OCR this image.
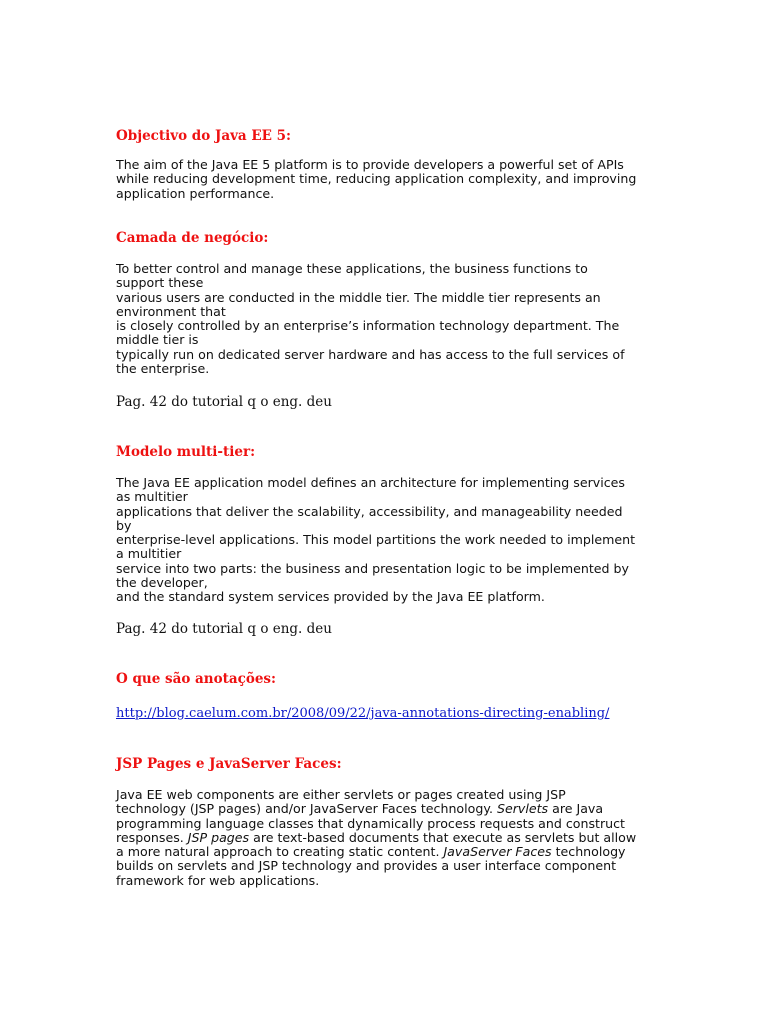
Objectivo do Java EE 5:
The aim of the Java EE 5 platform is to provide developers a powerful set of APIs
while reducing development time, reducing application complexity, and improving
application performance.
Camada de negócio:
To better control and manage these applications, the business functions to
support these
various users are conducted in the middle tier. The middle tier represents an
environment that
is closely controlled by an enterprise’s information technology department. The
middle tier is
typically run on dedicated server hardware and has access to the full services of
the enterprise.
Pag. 42 do tutorial q o eng. deu
Modelo multi-tier:
The Java EE application model defines an architecture for implementing services
as multitier
applications that deliver the scalability, accessibility, and manageability needed
by
enterprise-level applications. This model partitions the work needed to implement
a multitier
service into two parts: the business and presentation logic to be implemented by
the developer,
and the standard system services provided by the Java EE platform.
Pag. 42 do tutorial q o eng. deu
O que são anotações:
http://blog.caelum.com.br/2008/09/22/java-annotations-directing-enabling/
JSP Pages e JavaServer Faces:
Java EE web components are either servlets or pages created using JSP
technology (JSP pages) and/or JavaServer Faces technology. Servlets are Java
programming language classes that dynamically process requests and construct
responses. JSP pages are text-based documents that execute as servlets but allow
a more natural approach to creating static content. JavaServer Faces technology
builds on servlets and JSP technology and provides a user interface component
framework for web applications.
